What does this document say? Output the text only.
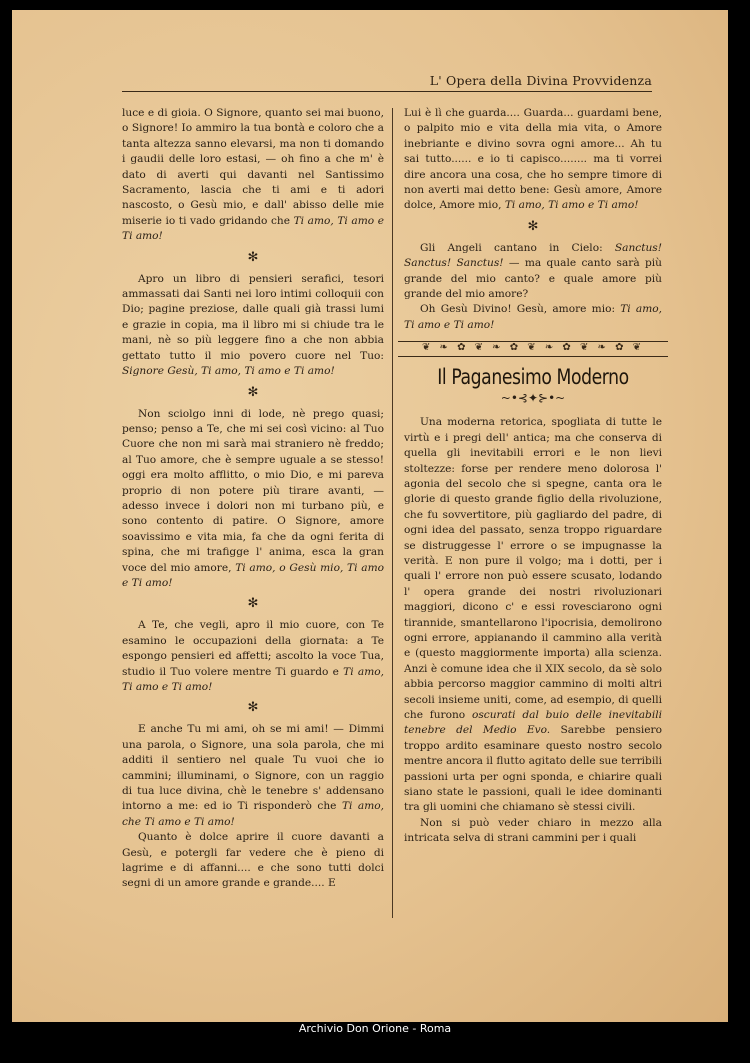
L' Opera della Divina Provvidenza

luce e di gioia. O Signore, quanto sei mai buono, o Signore! Io ammiro la tua bontà e coloro che a tanta altezza sanno elevarsi, ma non ti domando i gaudii delle loro estasi, — oh fino a che m' è dato di averti qui davanti nel Santissimo Sacramento, lascia che ti ami e ti adori nascosto, o Gesù mio, e dall' abisso delle mie miserie io ti vado gridando che Ti amo, Ti amo e Ti amo!

✻

Apro un libro di pensieri serafici, tesori ammassati dai Santi nei loro intimi colloquii con Dio; pagine preziose, dalle quali già trassi lumi e grazie in copia, ma il libro mi si chiude tra le mani, nè so più leggere fino a che non abbia gettato tutto il mio povero cuore nel Tuo: Signore Gesù, Ti amo, Ti amo e Ti amo!

✻

Non sciolgo inni di lode, nè prego quasi; penso; penso a Te, che mi sei così vicino: al Tuo Cuore che non mi sarà mai straniero nè freddo; al Tuo amore, che è sempre uguale a se stesso! oggi era molto afflitto, o mio Dio, e mi pareva proprio di non potere più tirare avanti, — adesso invece i dolori non mi turbano più, e sono contento di patire. O Signore, amore soavissimo e vita mia, fa che da ogni ferita di spina, che mi trafigge l' anima, esca la gran voce del mio amore, Ti amo, o Gesù mio, Ti amo e Ti amo!

✻

A Te, che vegli, apro il mio cuore, con Te esamino le occupazioni della giornata: a Te espongo pensieri ed affetti; ascolto la voce Tua, studio il Tuo volere mentre Ti guardo e Ti amo, Ti amo e Ti amo!

✻

E anche Tu mi ami, oh se mi ami! — Dimmi una parola, o Signore, una sola parola, che mi additi il sentiero nel quale Tu vuoi che io cammini; illuminami, o Signore, con un raggio di tua luce divina, chè le tenebre s' addensano intorno a me: ed io Ti risponderò che Ti amo, che Ti amo e Ti amo!

Quanto è dolce aprire il cuore davanti a Gesù, e potergli far vedere che è pieno di lagrime e di affanni.... e che sono tutti dolci segni di un amore grande e grande.... E

Lui è lì che guarda.... Guarda... guardami bene, o palpito mio e vita della mia vita, o Amore inebriante e divino sovra ogni amore... Ah tu sai tutto...... e io ti capisco........ ma ti vorrei dire ancora una cosa, che ho sempre timore di non averti mai detto bene: Gesù amore, Amore dolce, Amore mio, Ti amo, Ti amo e Ti amo!

✻

Gli Angeli cantano in Cielo: Sanctus! Sanctus! Sanctus! — ma quale canto sarà più grande del mio canto? e quale amore più grande del mio amore?

Oh Gesù Divino! Gesù, amore mio: Ti amo, Ti amo e Ti amo!

❦ ❧ ✿ ❦ ❧ ✿ ❦ ❧ ✿ ❦ ❧ ✿ ❦
Il Paganesimo Moderno
~•⊰✦⊱•~

Una moderna retorica, spogliata di tutte le virtù e i pregi dell' antica; ma che conserva di quella gli inevitabili errori e le non lievi stoltezze: forse per rendere meno dolorosa l' agonia del secolo che si spegne, canta ora le glorie di questo grande figlio della rivoluzione, che fu sovvertitore, più gagliardo del padre, di ogni idea del passato, senza troppo riguardare se distruggesse l' errore o se impugnasse la verità. E non pure il volgo; ma i dotti, per i quali l' errore non può essere scusato, lodando l' opera grande dei nostri rivoluzionari maggiori, dicono c' e essi rovesciarono ogni tirannide, smantellarono l'ipocrisia, demolirono ogni errore, appianando il cammino alla verità e (questo maggiormente importa) alla scienza. Anzi è comune idea che il XIX secolo, da sè solo abbia percorso maggior cammino di molti altri secoli insieme uniti, come, ad esempio, di quelli che furono oscurati dal buio delle inevitabili tenebre del Medio Evo. Sarebbe pensiero troppo ardito esaminare questo nostro secolo mentre ancora il flutto agitato delle sue terribili passioni urta per ogni sponda, e chiarire quali siano state le passioni, quali le idee dominanti tra gli uomini che chiamano sè stessi civili.

Non si può veder chiaro in mezzo alla intricata selva di strani cammini per i quali

Archivio Don Orione - Roma
